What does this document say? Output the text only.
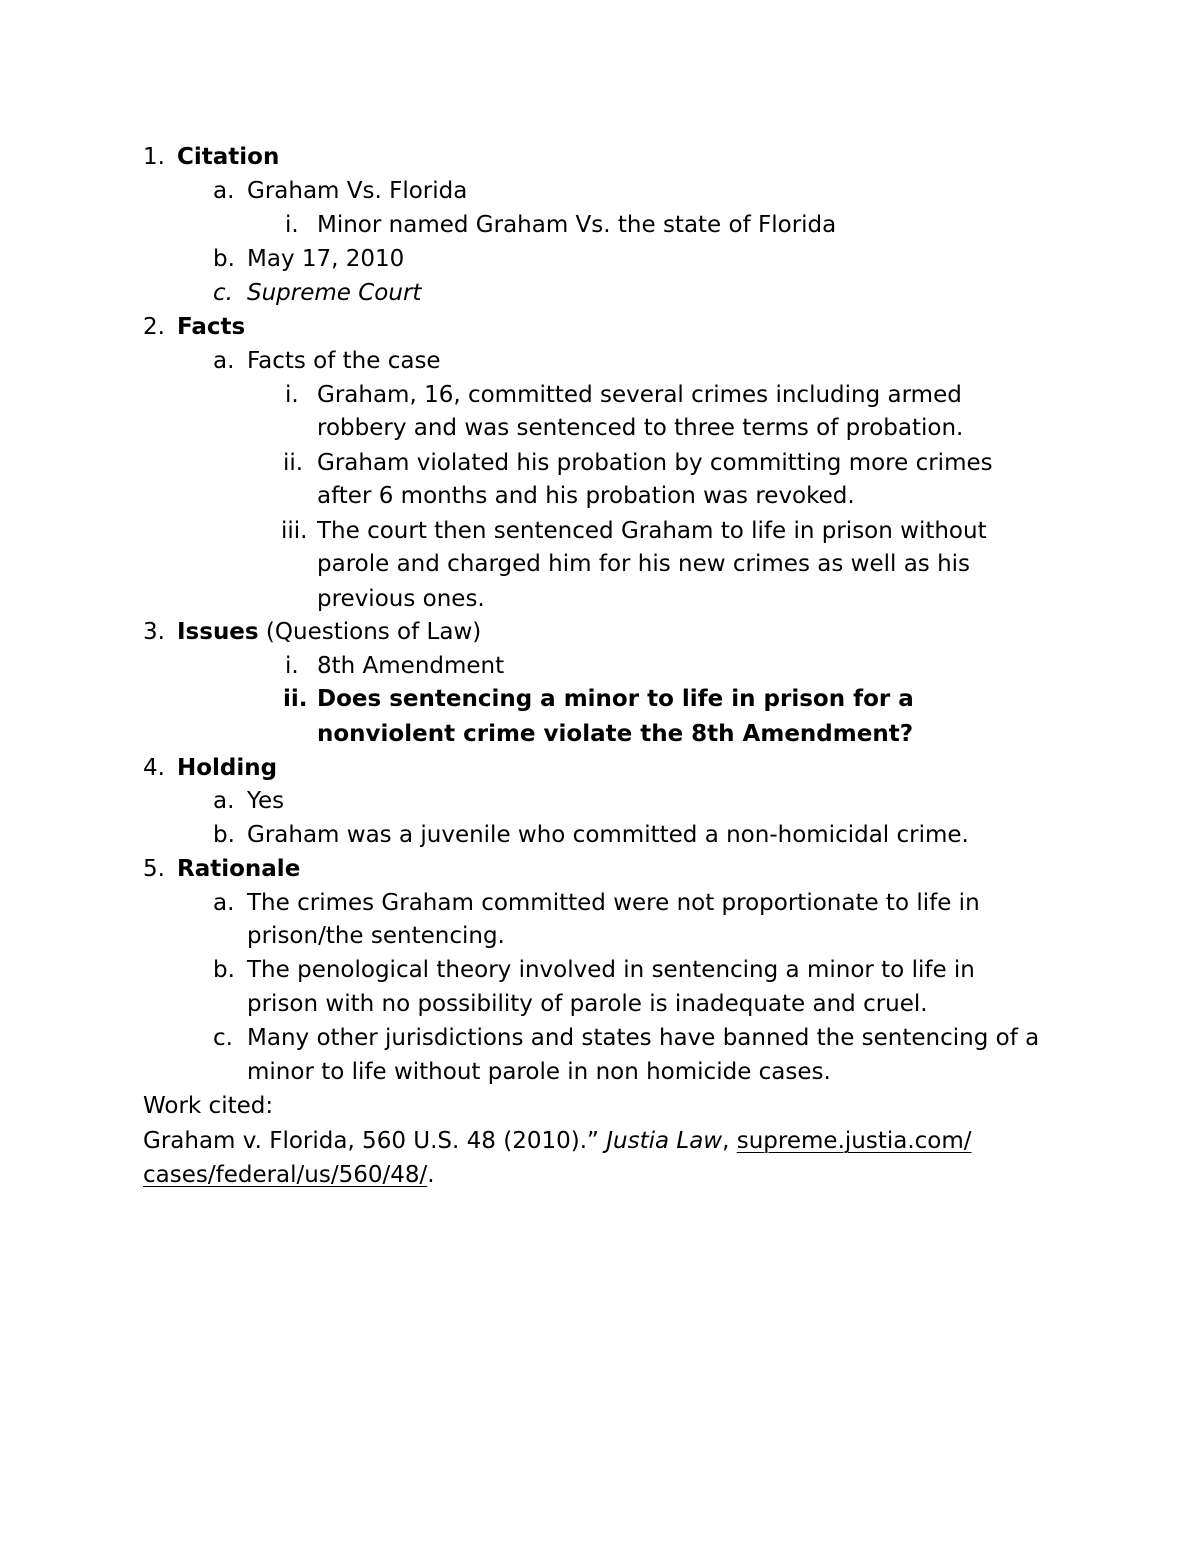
1. Citation
a. Graham Vs. Florida
i. Minor named Graham Vs. the state of Florida
b. May 17, 2010
c. Supreme Court
2. Facts
a. Facts of the case
i. Graham, 16, committed several crimes including armed
robbery and was sentenced to three terms of probation.
ii. Graham violated his probation by committing more crimes
after 6 months and his probation was revoked.
iii. The court then sentenced Graham to life in prison without
parole and charged him for his new crimes as well as his
previous ones.
3. Issues (Questions of Law)
i. 8th Amendment
ii. Does sentencing a minor to life in prison for a
nonviolent crime violate the 8th Amendment?
4. Holding
a. Yes
b. Graham was a juvenile who committed a non-homicidal crime.
5. Rationale
a. The crimes Graham committed were not proportionate to life in
prison/the sentencing.
b. The penological theory involved in sentencing a minor to life in
prison with no possibility of parole is inadequate and cruel.
c. Many other jurisdictions and states have banned the sentencing of a
minor to life without parole in non homicide cases.
Work cited:
Graham v. Florida, 560 U.S. 48 (2010).” Justia Law, supreme.justia.com/
cases/federal/us/560/48/.
